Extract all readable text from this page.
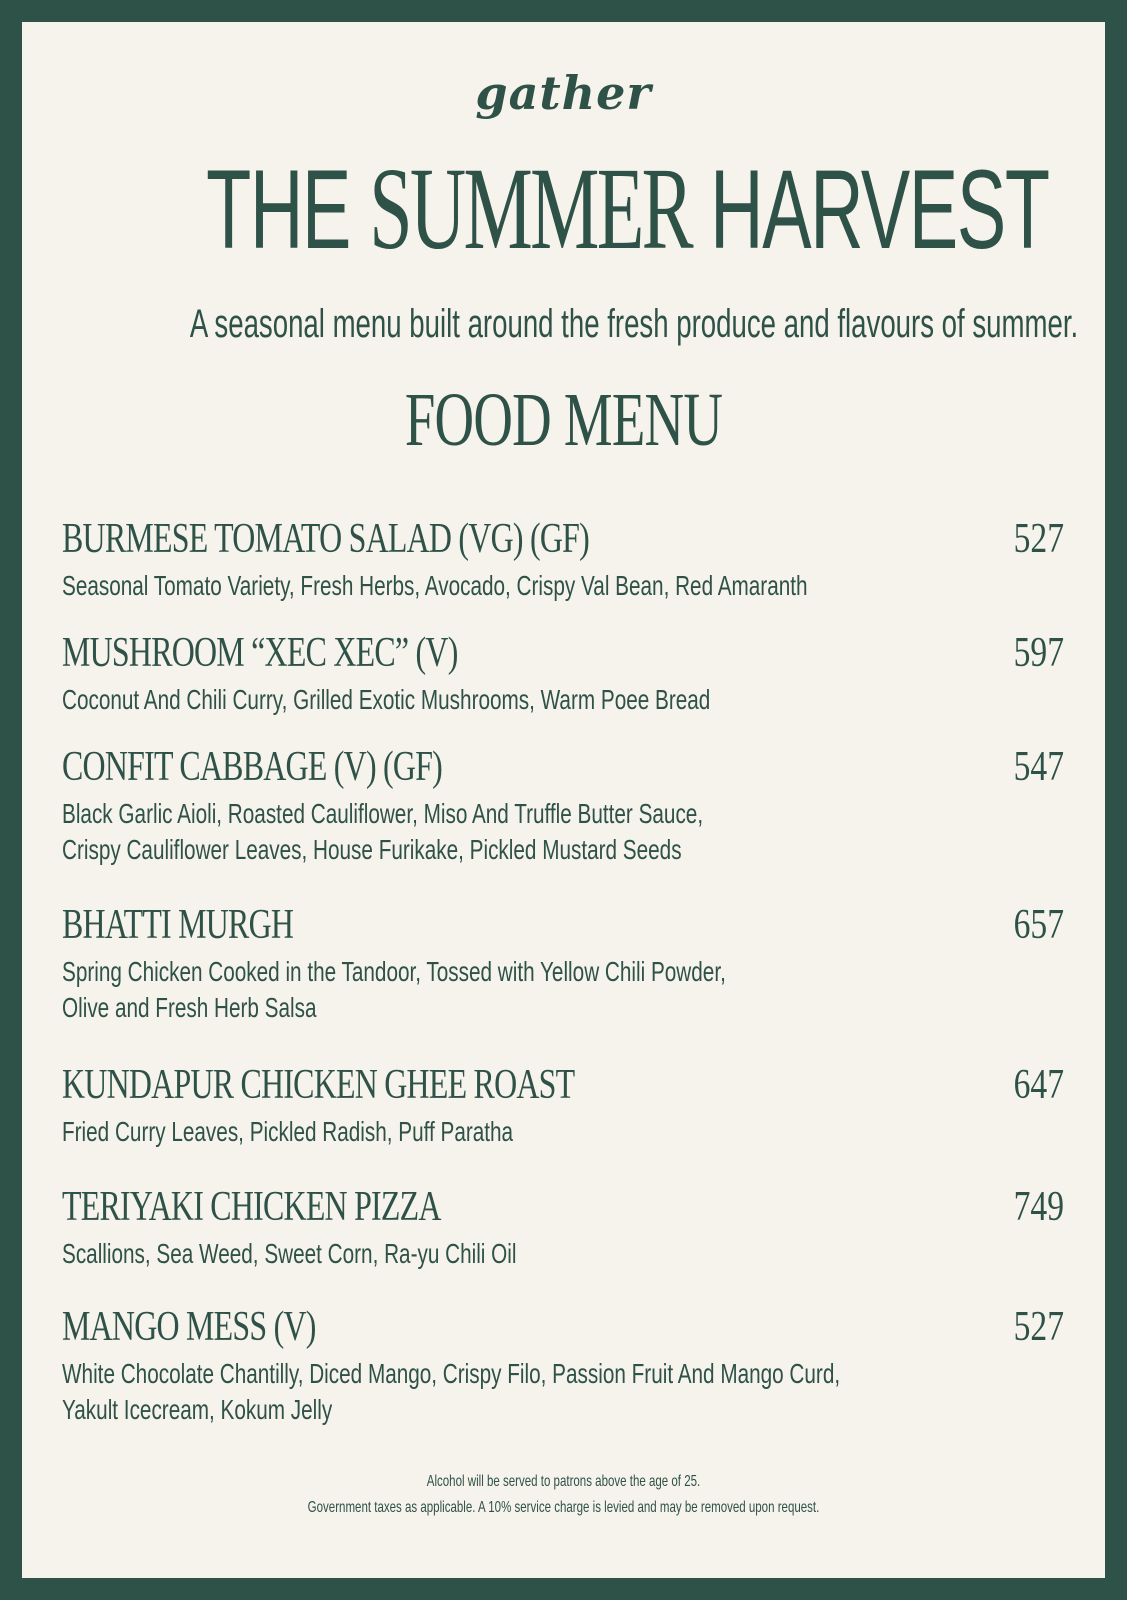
gather
THE SUMMER HARVEST
A seasonal menu built around the fresh produce and flavours of summer.
FOOD MENU
BURMESE TOMATO SALAD (VG) (GF)	527
Seasonal Tomato Variety, Fresh Herbs, Avocado, Crispy Val Bean, Red Amaranth
MUSHROOM “XEC XEC” (V)	597
Coconut And Chili Curry, Grilled Exotic Mushrooms, Warm Poee Bread
CONFIT CABBAGE (V) (GF)	547
Black Garlic Aioli, Roasted Cauliflower, Miso And Truffle Butter Sauce,
Crispy Cauliflower Leaves, House Furikake, Pickled Mustard Seeds
BHATTI MURGH	657
Spring Chicken Cooked in the Tandoor, Tossed with Yellow Chili Powder,
Olive and Fresh Herb Salsa
KUNDAPUR CHICKEN GHEE ROAST	647
Fried Curry Leaves, Pickled Radish, Puff Paratha
TERIYAKI CHICKEN PIZZA	749
Scallions, Sea Weed, Sweet Corn, Ra-yu Chili Oil
MANGO MESS (V)	527
White Chocolate Chantilly, Diced Mango, Crispy Filo, Passion Fruit And Mango Curd,
Yakult Icecream, Kokum Jelly
Alcohol will be served to patrons above the age of 25.
Government taxes as applicable. A 10% service charge is levied and may be removed upon request.
